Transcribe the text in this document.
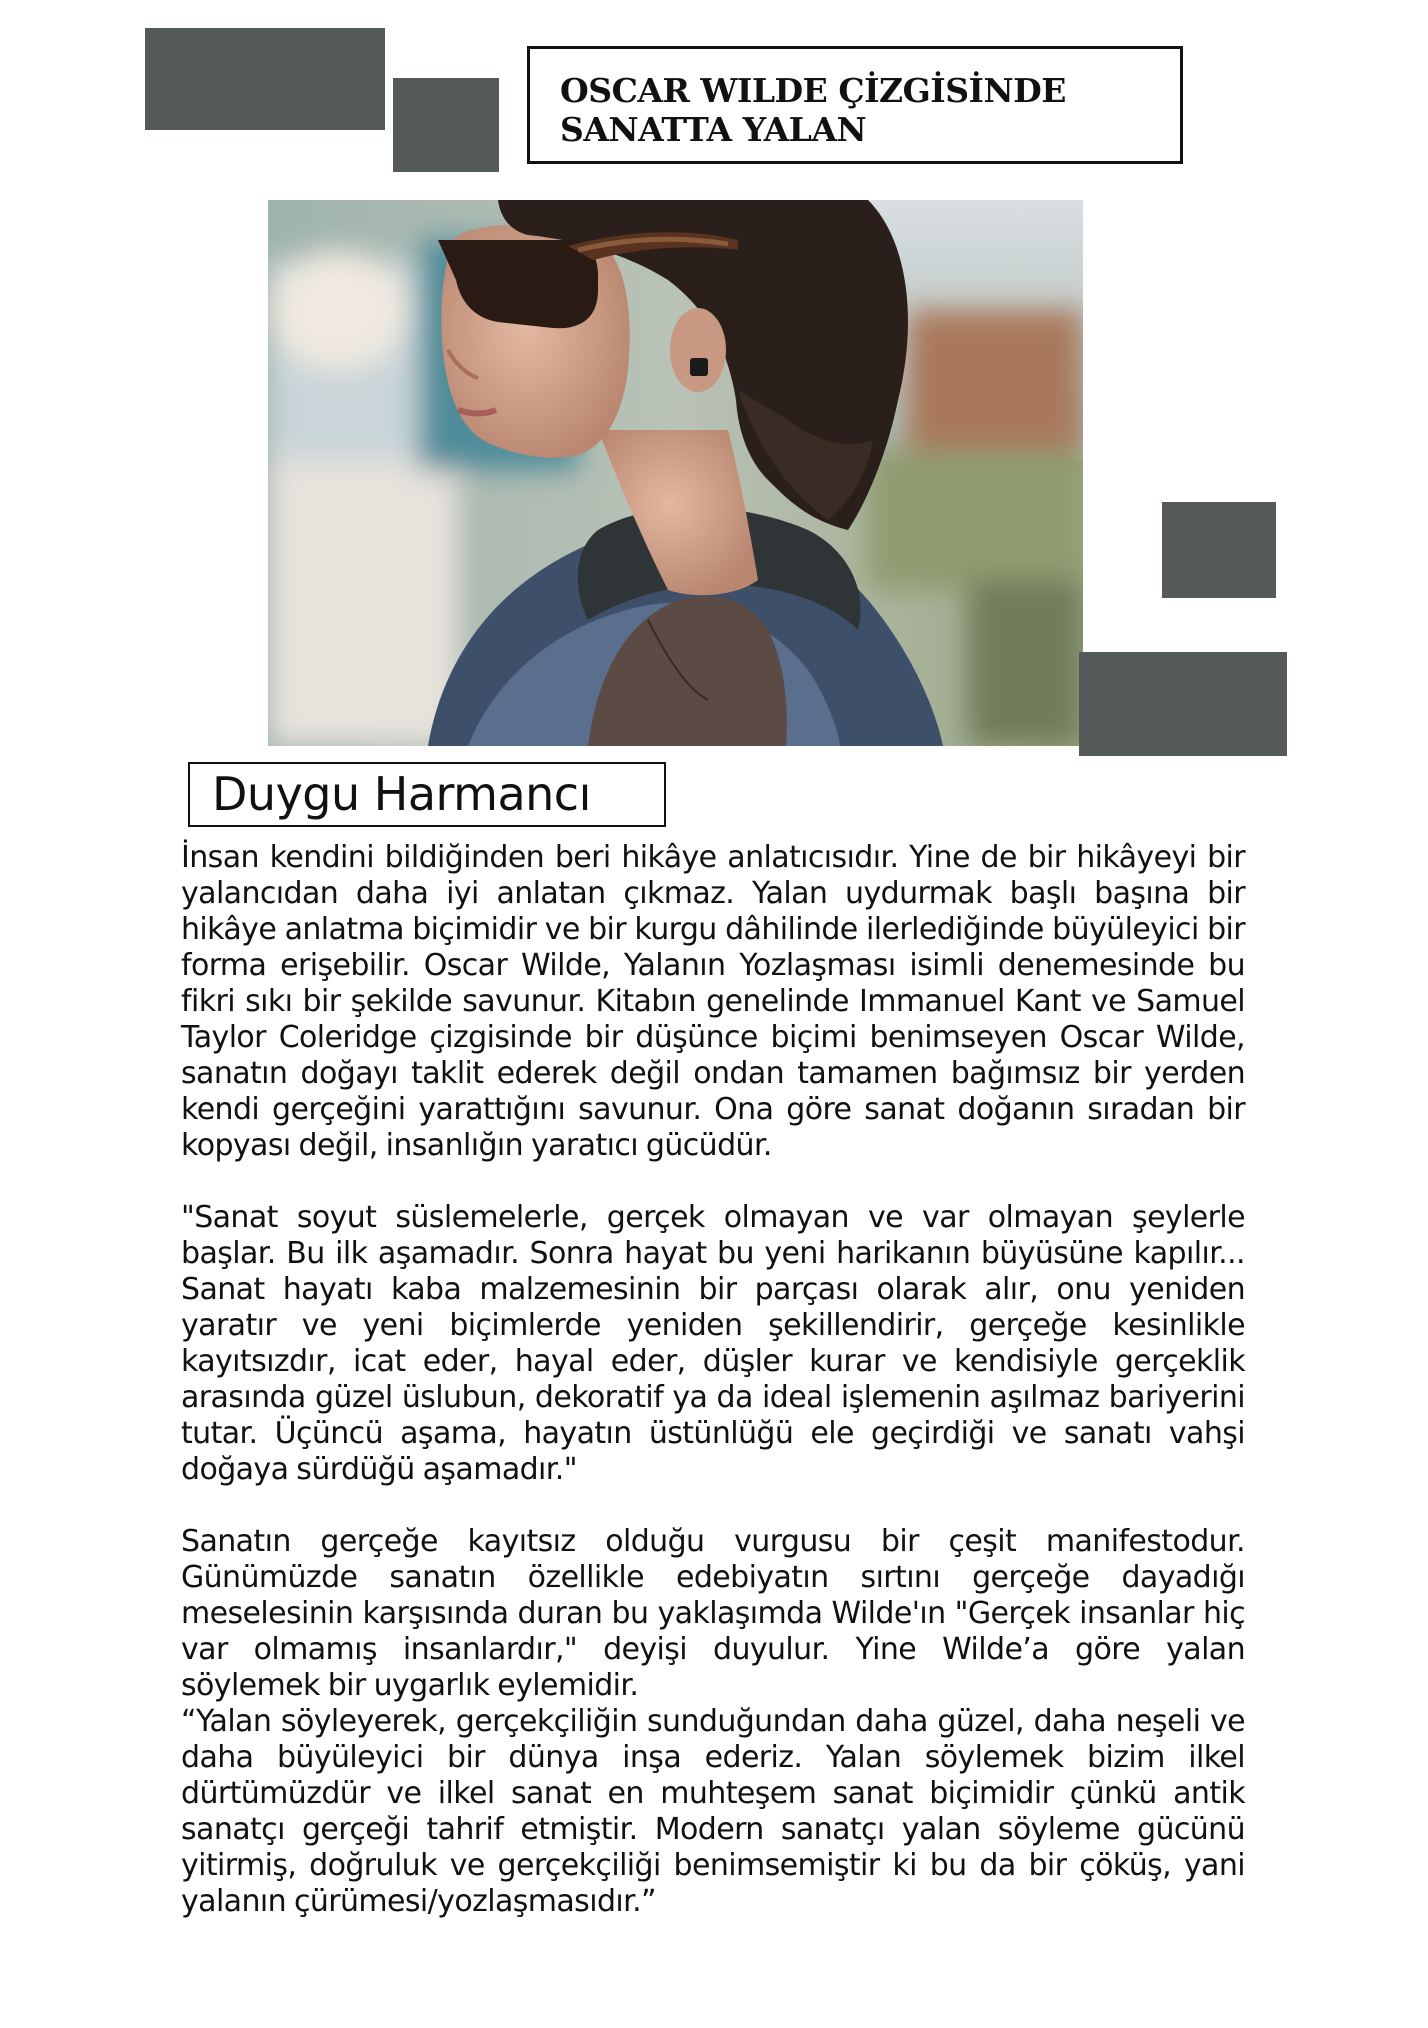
OSCAR WILDE ÇİZGİSİNDE
SANATTA YALAN
Duygu Harmancı

İnsan kendini bildiğinden beri hikâye anlatıcısıdır. Yine de bir hikâyeyi bir yalancıdan daha iyi anlatan çıkmaz. Yalan uydurmak başlı başına bir hikâye anlatma biçimidir ve bir kurgu dâhilinde ilerlediğinde büyüleyici bir forma erişebilir. Oscar Wilde, Yalanın Yozlaşması isimli denemesinde bu fikri sıkı bir şekilde savunur. Kitabın genelinde Immanuel Kant ve Samuel Taylor Coleridge çizgisinde bir düşünce biçimi benimseyen Oscar Wilde, sanatın doğayı taklit ederek değil ondan tamamen bağımsız bir yerden kendi gerçeğini yarattığını savunur. Ona göre sanat doğanın sıradan bir kopyası değil, insanlığın yaratıcı gücüdür.

"Sanat soyut süslemelerle, gerçek olmayan ve var olmayan şeylerle başlar. Bu ilk aşamadır. Sonra hayat bu yeni harikanın büyüsüne kapılır... Sanat hayatı kaba malzemesinin bir parçası olarak alır, onu yeniden yaratır ve yeni biçimlerde yeniden şekillendirir, gerçeğe kesinlikle kayıtsızdır, icat eder, hayal eder, düşler kurar ve kendisiyle gerçeklik arasında güzel üslubun, dekoratif ya da ideal işlemenin aşılmaz bariyerini tutar. Üçüncü aşama, hayatın üstünlüğü ele geçirdiği ve sanatı vahşi doğaya sürdüğü aşamadır."

Sanatın gerçeğe kayıtsız olduğu vurgusu bir çeşit manifestodur. Günümüzde sanatın özellikle edebiyatın sırtını gerçeğe dayadığı meselesinin karşısında duran bu yaklaşımda Wilde'ın "Gerçek insanlar hiç var olmamış insanlardır," deyişi duyulur. Yine Wilde’a göre yalan söylemek bir uygarlık eylemidir.

“Yalan söyleyerek, gerçekçiliğin sunduğundan daha güzel, daha neşeli ve daha büyüleyici bir dünya inşa ederiz. Yalan söylemek bizim ilkel dürtümüzdür ve ilkel sanat en muhteşem sanat biçimidir çünkü antik sanatçı gerçeği tahrif etmiştir. Modern sanatçı yalan söyleme gücünü yitirmiş, doğruluk ve gerçekçiliği benimsemiştir ki bu da bir çöküş, yani yalanın çürümesi/yozlaşmasıdır.”
